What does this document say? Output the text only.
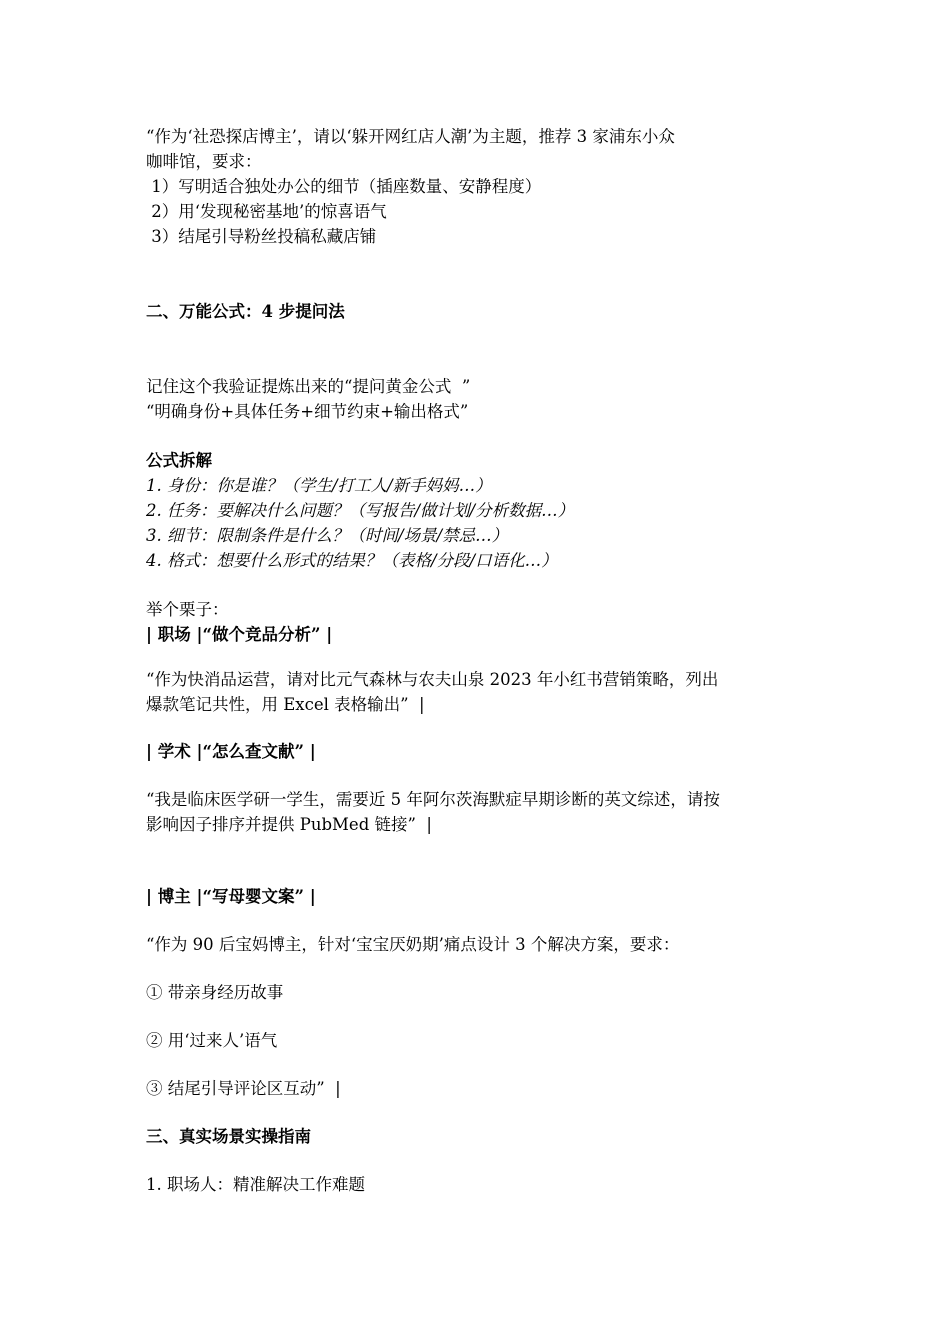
“作为‘社恐探店博主’，请以‘躲开网红店人潮’为主题，推荐 3 家浦东小众

咖啡馆，要求：

1）写明适合独处办公的细节（插座数量、安静程度）

2）用‘发现秘密基地’的惊喜语气

3）结尾引导粉丝投稿私藏店铺

二、万能公式：4 步提问法

记住这个我验证提炼出来的“提问黄金公式  ”

“明确身份+具体任务+细节约束+输出格式”

公式拆解

1. 身份：你是谁？（学生/打工人/新手妈妈…）

2. 任务：要解决什么问题？（写报告/做计划/分析数据…）

3. 细节：限制条件是什么？（时间/场景/禁忌…）

4. 格式：想要什么形式的结果？（表格/分段/口语化…）

举个栗子：

| 职场 |“做个竞品分析” |

“作为快消品运营，请对比元气森林与农夫山泉 2023 年小红书营销策略，列出

爆款笔记共性，用 Excel 表格输出”  |

| 学术 |“怎么查文献” |

“我是临床医学研一学生，需要近 5 年阿尔茨海默症早期诊断的英文综述，请按

影响因子排序并提供 PubMed 链接”  |

| 博主 |“写母婴文案” |

“作为 90 后宝妈博主，针对‘宝宝厌奶期’痛点设计 3 个解决方案，要求：

① 带亲身经历故事

② 用‘过来人’语气

③ 结尾引导评论区互动”  |

三、真实场景实操指南

1. 职场人：精准解决工作难题
